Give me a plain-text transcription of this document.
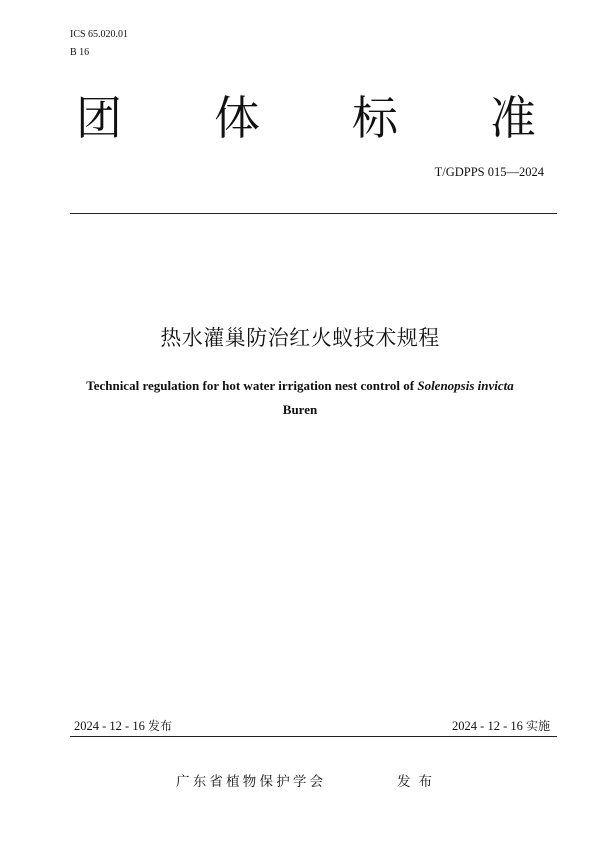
ICS 65.020.01
B 16
团 体 标 准
T/GDPPS 015—2024
热水灌巢防治红火蚁技术规程
Technical regulation for hot water irrigation nest control of Solenopsis invicta
Buren
2024 - 12 - 16 发布	2024 - 12 - 16 实施
广东省植物保护学会	发布
